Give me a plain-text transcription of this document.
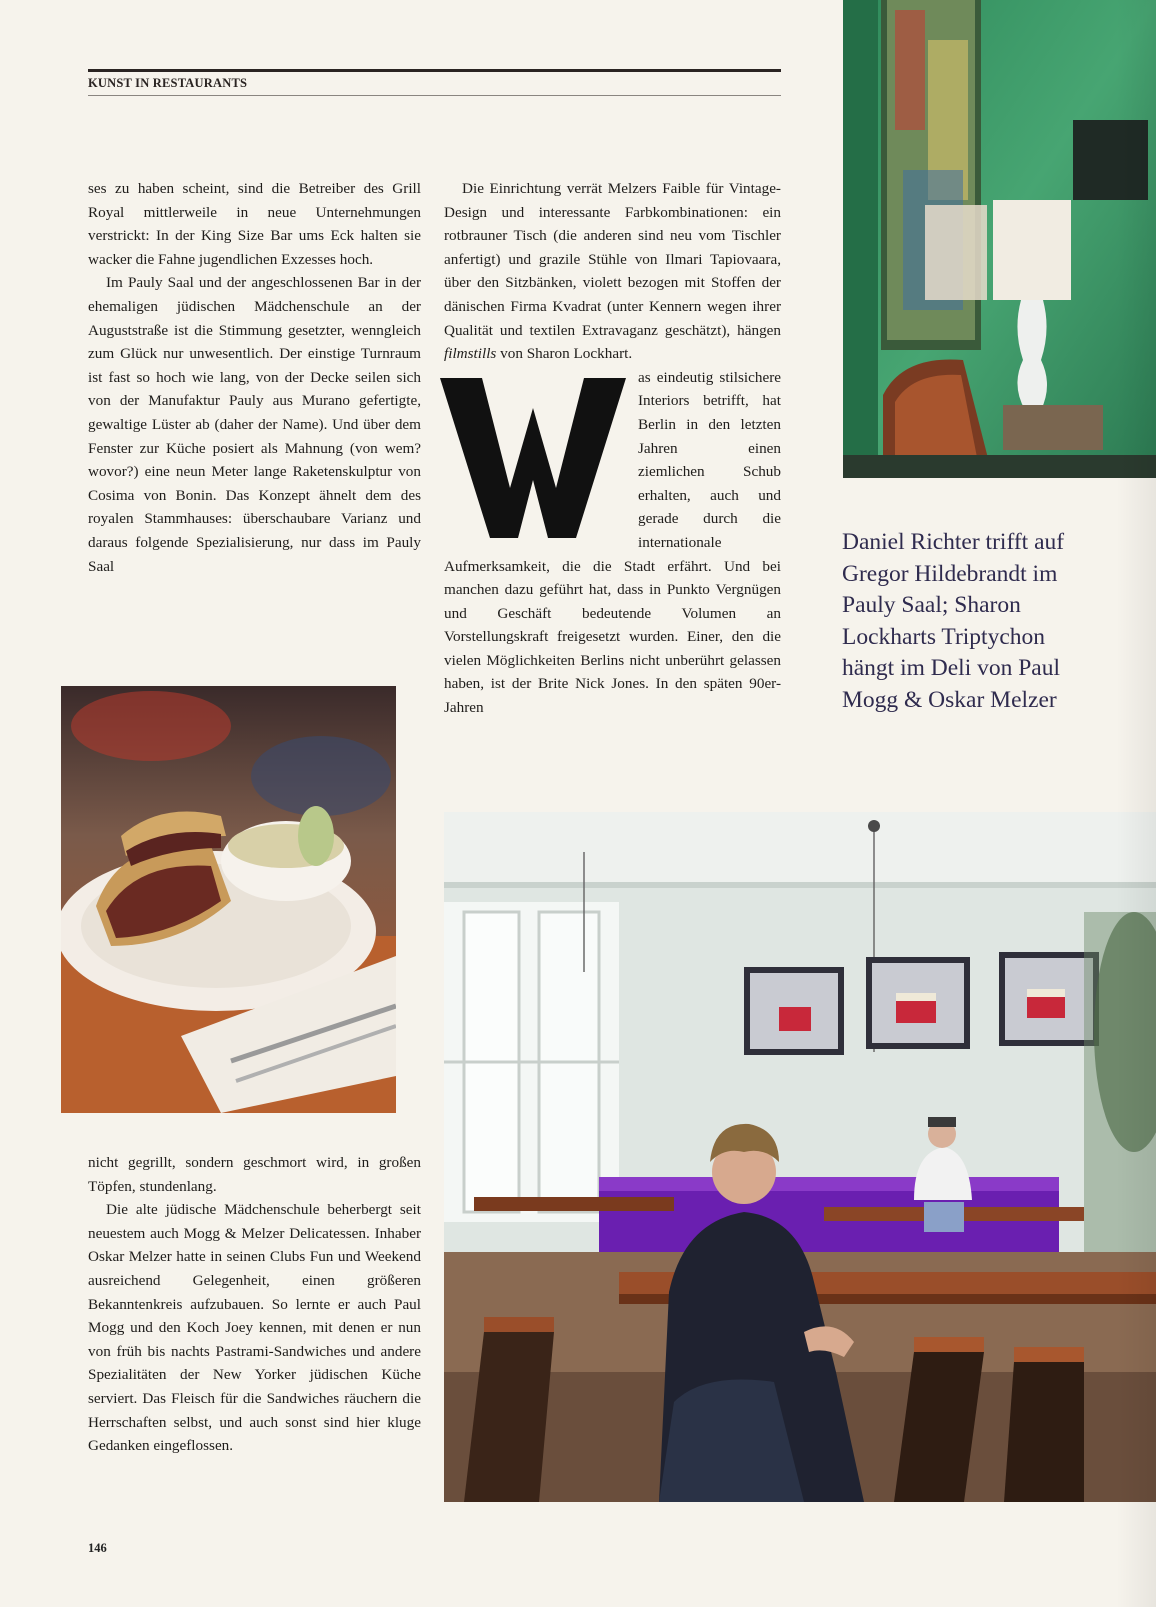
KUNST IN RESTAURANTS

ses zu haben scheint, sind die Betreiber des Grill Royal mittlerweile in neue Unternehmungen verstrickt: In der King Size Bar ums Eck halten sie wacker die Fahne jugendlichen Exzesses hoch.

Im Pauly Saal und der angeschlossenen Bar in der ehemaligen jüdischen Mädchenschule an der Auguststraße ist die Stimmung gesetzter, wenngleich zum Glück nur unwesentlich. Der einstige Turnraum ist fast so hoch wie lang, von der Decke seilen sich von der Manufaktur Pauly aus Murano gefertigte, gewaltige Lüster ab (daher der Name). Und über dem Fenster zur Küche posiert als Mahnung (von wem? wovor?) eine neun Meter lange Raketenskulptur von Cosima von Bonin. Das Konzept ähnelt dem des royalen Stammhauses: überschaubare Varianz und daraus folgende Spezialisierung, nur dass im Pauly Saal

Die Einrichtung verrät Melzers Faible für Vintage-Design und interessante Farbkombinationen: ein rotbrauner Tisch (die anderen sind neu vom Tischler anfertigt) und grazile Stühle von Ilmari Tapiovaara, über den Sitzbänken, violett bezogen mit Stoffen der dänischen Firma Kvadrat (unter Kennern wegen ihrer Qualität und textilen Extravaganz geschätzt), hängen filmstills von Sharon Lockhart.

as eindeutig stilsichere Interiors betrifft, hat Berlin in den letzten Jahren einen ziemlichen Schub erhalten, auch und gerade durch die internationale Aufmerksamkeit, die die Stadt erfährt. Und bei manchen dazu geführt hat, dass in Punkto Vergnügen und Geschäft bedeutende Volumen an Vorstellungskraft freigesetzt wurden. Einer, den die vielen Möglichkeiten Berlins nicht unberührt gelassen haben, ist der Brite Nick Jones. In den späten 90er-Jahren

nicht gegrillt, sondern geschmort wird, in großen Töpfen, stundenlang.

Die alte jüdische Mädchenschule beherbergt seit neuestem auch Mogg & Melzer Delicatessen. Inhaber Oskar Melzer hatte in seinen Clubs Fun und Weekend ausreichend Gelegenheit, einen größeren Bekanntenkreis aufzubauen. So lernte er auch Paul Mogg und den Koch Joey kennen, mit denen er nun von früh bis nachts Pastrami-Sandwiches und andere Spezialitäten der New Yorker jüdischen Küche serviert. Das Fleisch für die Sandwiches räuchern die Herrschaften selbst, und auch sonst sind hier kluge Gedanken eingeflossen.

Daniel Richter trifft auf Gregor Hildebrandt im Pauly Saal; Sharon Lockharts Triptychon hängt im Deli von Paul Mogg & Oskar Melzer

146
